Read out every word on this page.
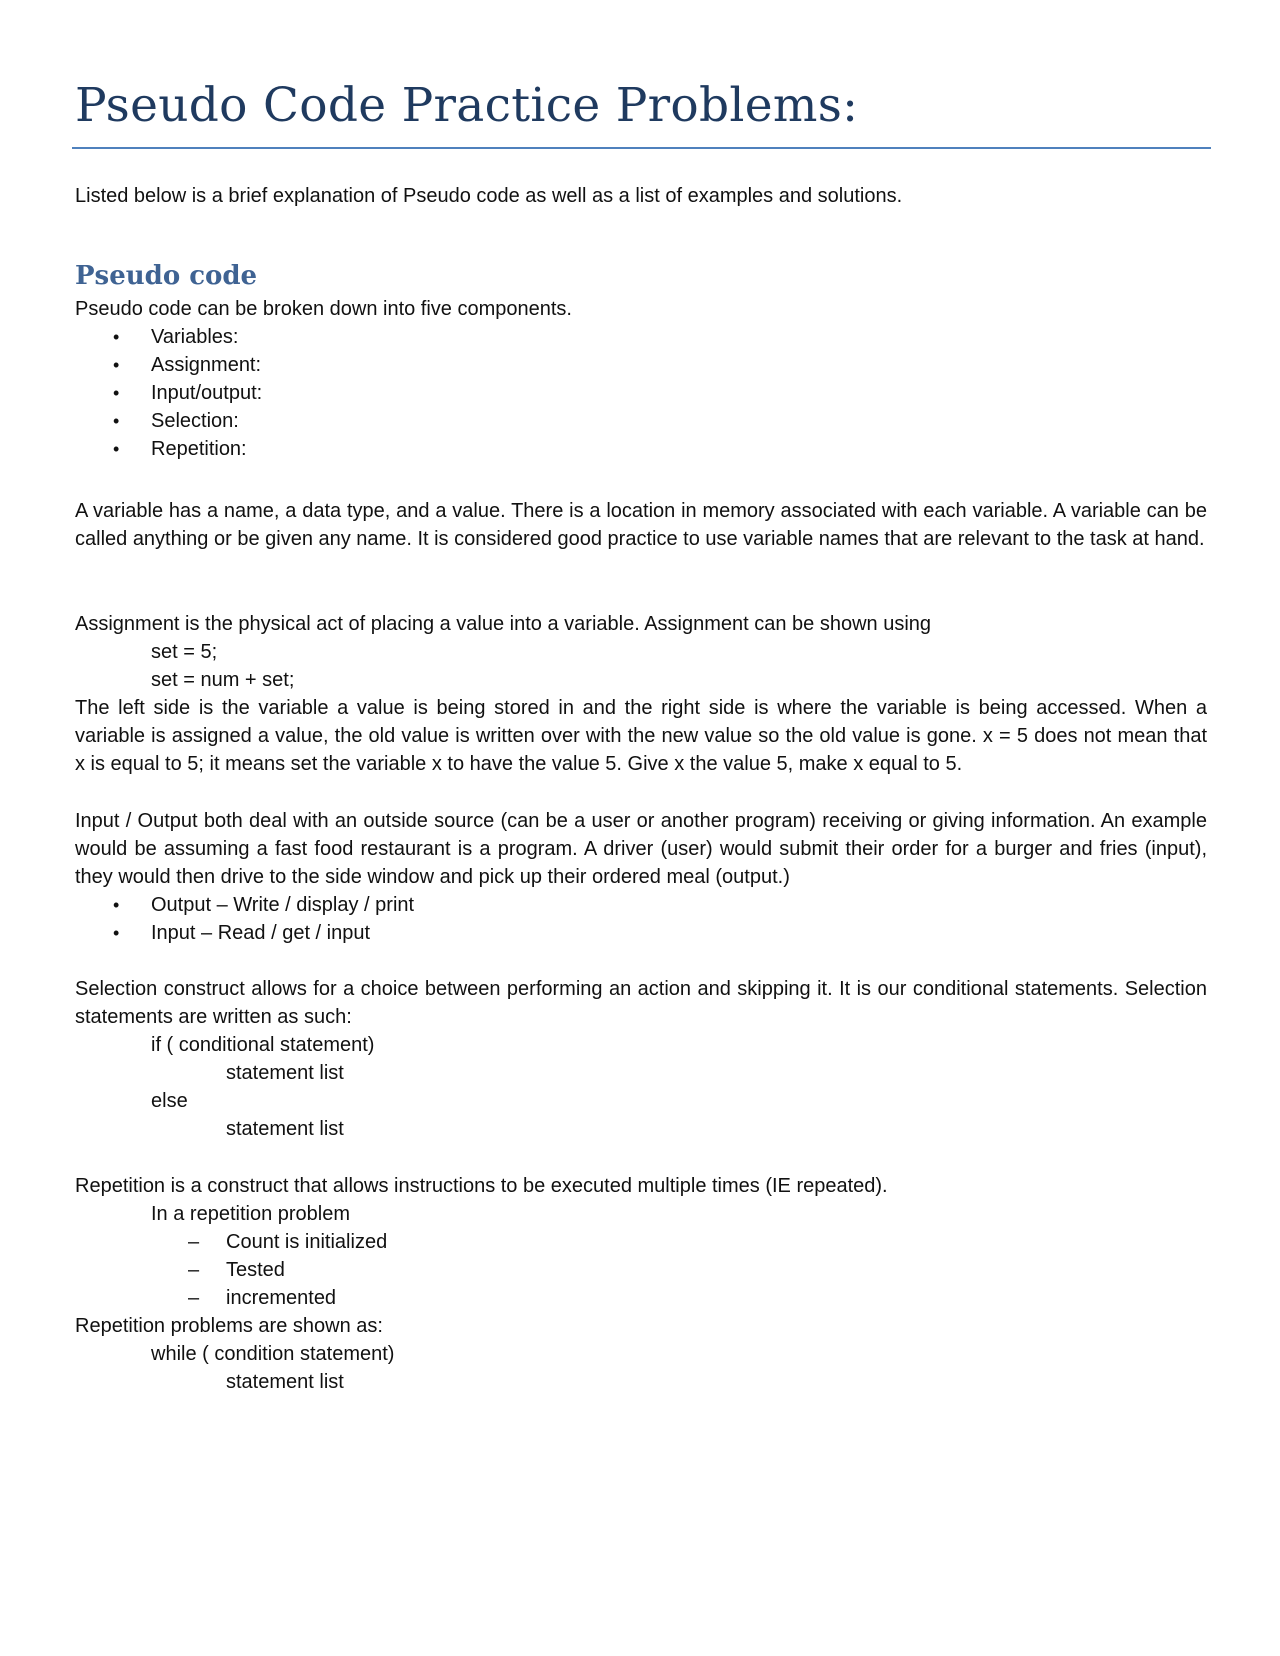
Pseudo Code Practice Problems:

Listed below is a brief explanation of Pseudo code as well as a list of examples and solutions.

Pseudo code

Pseudo code can be broken down into five components.

• Variables:
• Assignment:
• Input/output:
• Selection:
• Repetition:

A variable has a name, a data type, and a value. There is a location in memory associated with each variable. A variable can be called anything or be given any name. It is considered good practice to use variable names that are relevant to the task at hand.

Assignment is the physical act of placing a value into a variable. Assignment can be shown using

set = 5;

set = num + set;

The left side is the variable a value is being stored in and the right side is where the variable is being accessed. When a variable is assigned a value, the old value is written over with the new value so the old value is gone. x = 5 does not mean that x is equal to 5; it means set the variable x to have the value 5. Give x the value 5, make x equal to 5.

Input / Output both deal with an outside source (can be a user or another program) receiving or giving information. An example would be assuming a fast food restaurant is a program. A driver (user) would submit their order for a burger and fries (input), they would then drive to the side window and pick up their ordered meal (output.)

• Output – Write / display / print
• Input – Read / get / input

Selection construct allows for a choice between performing an action and skipping it. It is our conditional statements. Selection statements are written as such:

if ( conditional statement)

statement list

else

statement list

Repetition is a construct that allows instructions to be executed multiple times (IE repeated).

In a repetition problem

– Count is initialized
– Tested
– incremented

Repetition problems are shown as:

while ( condition statement)

statement list
